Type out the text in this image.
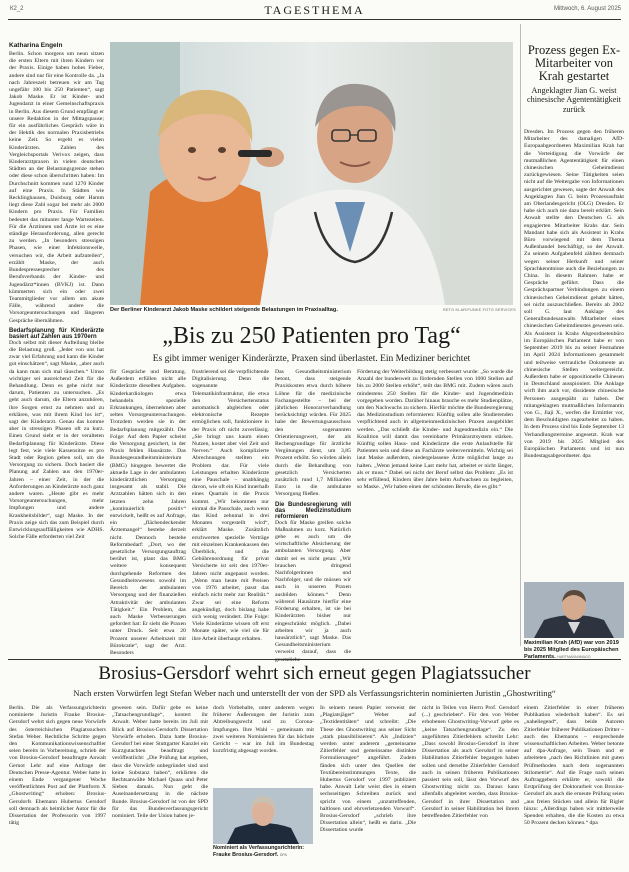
К2_2	TAGESTHEMA	Mittwoch, 6. August 2025
Katharina Engeln
Berlin. Schon morgens um neun sitzen die ersten Eltern mit ihren Kindern vor der Praxis. Einige haben hohes Fieber, andere sind nur für eine Kontrolle da. „Ja nach Jahreszeit betreuen wir am Tag ungefähr 100 bis 250 Patienten“, sagt Jakob Maske. Er ist Kinder- und Jugendarzt in einer Gemeinschaftspraxis in Berlin. Aus diesem Grund empfängt er unsere Redaktion in der Mittagspause; für ein ausführliches Gespräch wäre in der Hektik des normalen Praxisbetriebs keine Zeit. So ergeht es vielen Kinderärzten. Zahlen des Vergleichsportals Verivox zeigen, dass Kinderarztpraxen in vielen deutschen Städten an der Belastungsgrenze stehen oder diese schon überschritten haben: Im Durchschnitt kommen rund 1270 Kinder auf eine Praxis. In Städten wie Recklinghausen, Duisburg oder Hamm liegt diese Zahl sogar bei mehr als 2000 Kindern pro Praxis. Für Familien bedeutet das mitunter lange Wartezeiten. Für die Ärztinnen und Ärzte ist es eine ständige Herausforderung, allen gerecht zu werden. „In besonders stressigen Phasen, wie einer Infektionswelle, versuchen wir, die Arbeit aufzuteilen“, erzählt Maske, der auch Bundespressesprecher des Berufsverbands der Kinder- und Jugendärzt*innen (BVKJ) ist. Dann kümmerten sich ein oder zwei Teammitglieder vor allem um akute Fälle, während andere die Vorsorgeuntersuchungen und längeren Gespräche übernähmen.
Bedarfsplanung für Kinderärzte basiert auf Zahlen aus 1970ern
Doch selbst mit dieser Aufteilung bleibe die Belastung groß. „Jeder von uns hat zwar viel Erfahrung und kann die Kinder gut einschätzen“, sagt Maske, „aber auch da kann man sich mal täuschen.“ Umso wichtiger sei ausreichend Zeit für die Behandlung. Denn es gehe nicht nur darum, Patienten zu untersuchen. „Es geht auch darum, die Eltern anzuhören, ihre Sorgen ernst zu nehmen und zu erklären, was mit ihrem Kind los ist“, sagt der Kinderarzt. Genau das komme aber in stressigen Phasen oft zu kurz. Einen Grund sieht er in der veralteten Bedarfsplanung für Kinderärzte. Diese legt fest, wie viele Kassensitze es pro Stadt oder Region geben soll, um die Versorgung zu sichern. Doch basiert die Planung auf Zahlen aus den 1970er-Jahren – einer Zeit, in der die Anforderungen an Kinderärzte noch ganz andere waren. „Heute gibt es mehr Vorsorgeuntersuchungen, mehr Impfungen und andere Krankheitsbilder“, sagt Maske. In der Praxis zeige sich das zum Beispiel durch Entwicklungsauffälligkeiten wie ADHS. Solche Fälle erforderten viel Zeit
Der Berliner Kinderarzt Jakob Maske schildert steigende Belastungen im Praxisalltag.	RETO KLAR/FUNKE FOTO SERVICES
„Bis zu 250 Patienten pro Tag“
Es gibt immer weniger Kinderärzte, Praxen sind überlastet. Ein Mediziner berichtet
für Gespräche und Beratung. Außerdem erfüllen nicht alle Kinderärzte dieselben Aufgaben. Kinderkardiologen etwa behandeln spezielle Erkrankungen, übernehmen aber selten Vorsorgeuntersuchungen. Trotzdem werden sie in der Bedarfsplanung mitgezählt. Die Folge: Auf dem Papier scheint die Versorgung gesichert, in der Praxis fehlen Hausärzte. Das Bundesgesundheitsministerium (BMG) hingegen bewertet die aktuelle Lage in der ambulanten kinderärztlichen Versorgung insgesamt als stabil. Die Arztzahlen hätten sich in den letzten zehn Jahren „kontinuierlich positiv“ entwickelt, heißt es auf Anfrage, ein „flächendeckender Ärztemangel“ bestehe derzeit nicht. Dennoch bestehe Reformbedarf: „Dort, wo der gesetzliche Versorgungsauftrag berührt ist, plant das BMG weitere konsequent durchgehende Reformen des Gesundheitswesens sowohl im Bereich der ambulanten Versorgung und der finanziellen Attraktivität der ambulanten Tätigkeit.“ Ein Problem, das auch Maske Verbesserungen gefordert hat: Er sieht die Praxen unter Druck. Seit etwa 20 Prozent unserer Arbeitszeit mit Bürokratie“, sagt der Arzt. Besonders
frustrierend sei die verpflichtende Digitalisierung. Denn die sogenannte Telematikinfrastruktur, die etwa den Versichertenstatus automatisch abgleichen oder elektronische Rezepte ermöglichen soll, funktioniere in der Praxis oft nicht zuverlässig. „Sie bringt uns kaum einen Nutzen, kostet aber viel Zeit und Nerven.“ Auch komplizierte Abrechnungen stellten ein Problem dar. Für viele Leistungen erhalten Kinderärzte eine Pauschale – unabhängig davon, wie oft ein Kind innerhalb eines Quartals in die Praxis kommt. „Wir bekommen nur einmal die Pauschale, auch wenn das Kind zehnmal in drei Monaten vorgestellt wird“, erklärt Maske. Zusätzlich erschwerten spezielle Verträge mit einzelnen Krankenkassen den Überblick, und die Gebührenordnung für privat Versicherte ist seit den 1970er-Jahren nicht angepasst worden. „Wenn man heute mit Preisen von 1976 arbeitet, passt das einfach nicht mehr zur Realität.“ Zwar sei eine Reform angekündigt, doch bislang habe sich wenig verändert. Die Folge: Viele Kinderärzte wissen oft erst Monate später, wie viel sie für ihre Arbeit überhaupt erhalten.
Das Gesundheitsministerium betont, dass steigende Praxiskosten etwa durch höhere Löhne für die medizinische Fachangestellte – bei der jährlichen Honorarverhandlung berücksichtigt würden. Für 2025 habe der Bewertungsausschuss den sogenannten Orientierungswert, der als Rechengrundlage für ärztliche Vergütungen dient, um 3,85 Prozent erhöht. So würden allein durch die Behandlung von gesetzlich Versicherten zusätzlich rund 1,7 Milliarden Euro in die ambulante Versorgung fließen.
Die Bundesregierung will das Medizinstudium reformieren
Doch für Maske greifen solche Maßnahmen zu kurz. Natürlich gehe es auch um die wirtschaftliche Absicherung der ambulanten Versorgung. Aber damit sei es nicht getan: „Wir brauchen dringend Nachfolgerinnen und Nachfolger, und die müssen wir auch in unseren Praxen ausbilden können.“ Denn während Hausärzte hierfür eine Förderung erhalten, ist sie bei Kinderärzten bisher nur eingeschränkt möglich. „Dabei arbeiten wir ja auch hausärztlich“, sagt Maske. Das Gesundheitsministerium verweist darauf, dass die gesetzliche
Förderung der Weiterbildung stetig verbessert wurde: „So wurde die Anzahl der bundesweit zu fördernden Stellen von 1000 Stellen auf bis zu 2000 Stellen erhöht“, teilt das BMG mit. Zudem wären auch mindestens 250 Stellen für die Kinder- und Jugendmedizin vorgegeben worden. Darüber hinaus brauche es mehr Studienplätze, um den Nachwuchs zu sichern. Hierfür möchte die Bundesregierung das Medizinstudium reformieren: Künftig sollen alle Studierenden verpflichtend auch in allgemeinmedizinischen Praxen ausgebildet werden. „Das schließt die Kinder- und Jugendmedizin ein.“ Die Koalition will damit das vereinbarte Primärarztsystem stärken. Künftig sollen Haus- und Kinderärzte die erste Anlaufstelle für Patienten sein und diese an Fachärzte weitervermitteln. Wichtig sei laut Maske außerdem, niedergelassene Ärzte möglichst lange zu halten. „Wenn jemand keine Last mehr hat, arbeitet er nicht länger, als er muss.“ Dabei sei nicht der Beruf selbst das Problem: „Es ist sehr erfüllend, Kindern über Jahre beim Aufwachsen zu begleiten, so Maske. „Wir haben einen der schönsten Berufe, die es gibt.“
Prozess gegen Ex-Mitarbeiter von Krah gestartet
Angeklagter Jian G. weist chinesische Agententätigkeit zurück
Dresden. Im Prozess gegen den früheren Mitarbeiter des damaligen AfD-Europaabgeordneten Maximilian Krah hat die Verteidigung die Vorwürfe der mutmaßlichen Agententätigkeit für einen chinesischen Geheimdienst zurückgewiesen. Seine Tätigkeiten seien nicht auf die Weitergabe von Informationen ausgerichtet gewesen, sagte der Anwalt des Angeklagten Jian G. beim Prozessauftakt am Oberlandesgericht (OLG) Dresden. Er habe sich auch nie dazu bereit erklärt. Sein Anwalt stellte den Deutschen G. als engagierten Mitarbeiter Krahs dar. Sein Mandant habe sich als Assistent in Krahs Büro vorwiegend mit dem Thema Außenhandel beschäftigt, so der Anwalt. Zu seinem Aufgabenfeld zählten demnach wegen seiner Herkunft und seiner Sprachkenntnisse auch die Beziehungen zu China. In diesem Rahmen habe er Gespräche geführt. Dass die Gesprächspartner Verbindungen zu einem chinesischen Geheimdienst gehabt hätten, sei nicht auszuschließen. Bereits ab 2002 soll G. laut Anklage des Generalbundesanwalts Mitarbeiter eines chinesischen Geheimdienstes gewesen sein. Als Assistent in Krahs Abgeordnetenbüro im Europäischen Parlament habe er von September 2019 bis zu seiner Festnahme im April 2024 Informationen gesammelt und teilweise vertrauliche Dokumente an chinesische Stellen weitergereicht. Außerdem habe er oppositionelle Chinesen in Deutschland ausspioniert. Die Anklage wirft ihm auch vor, dissidente chinesische Personen ausgespäht zu haben. Der mitangeklagten mutmaßlichen Informantin von G., Jiaji X., werfen die Ermittler vor, dem Beschuldigten zugearbeitet zu haben. In dem Prozess sind bis Ende September 13 Verhandlungstermine angesetzt. Krah war von 2019 bis 2025 Mitglied des Europäischen Parlaments und ist nun Bundestagsabgeordneter. dpa
Maximilian Krah (AfD) war von 2019 bis 2025 Mitglied des Europäischen Parlaments. HARTMANN/IMAGO
Brosius-Gersdorf wehrt sich erneut gegen Plagiatssucher
Nach ersten Vorwürfen legt Stefan Weber nach und unterstellt der von der SPD als Verfassungsrichterin nominierten Juristin „Ghostwriting“
Berlin. Die als Verfassungsrichterin nominierte Juristin Frauke Brosius-Gersdorf wehrt sich gegen neue Vorwürfe des österreichischen Plagiatssuchers Stefan Weber. Rechtliche Schritte gegen den Kommunikationswissenschaftler seien bereits in Vorbereitung, schrieb der von Brosius-Gersdorf beauftragte Anwalt Gernot Lehr auf eine Anfrage der Deutschen Presse-Agentur. Weber hatte in einem Ende vergangener Woche veröffentlichten Post auf der Plattform X „Ghostwriting“ erhoben: Brosius-Gersdorfs Ehemann Hubertus Gersdorf soll demnach als heimlicher Autor für die Dissertation der Professorin von 1997 tätig
gewesen sein. Dafür gebe es keine „Tatsachengrundlage“, kontert ihr Anwalt. Weber hatte bereits im Juli mit Blick auf Brosius-Gersdorfs Dissertation Vorwürfe erhoben. Dazu hatte Brosius-Gersdorf bei einer Stuttgarter Kanzlei ein Kurzgutachten beauftragt und veröffentlicht: „Die Prüfung hat ergeben, dass die Vorwürfe unbegründet sind und keine Substanz haben“, erklärten die Rechtsanwälte Michael Quaas und Peter Sieben damals. Nun geht die Auseinandersetzung in die nächste Runde. Brosius-Gersdorf ist von der SPD für das Bundesverfassungsgericht nominiert. Teile der Union haben je-
doch Vorbehalte, unter anderem wegen früherer Äußerungen der Juristin zum Abtreibungsrecht und zu Corona-Impfungen. Ihre Wahl – gemeinsam mit zwei weiteren Nominierten für das höchste Gericht – war im Juli im Bundestag kurzfristig abgesagt worden.
Nominiert als Verfassungsrichterin: Frauke Brosius-Gersdorf. DPA
In seinem neuen Papier verweist der „Plagiatsjäger“ Weber auf „Textidentitäten“ und schreibt: „Die These des Ghostwriting aus seiner Sicht „stark plausibilisieren“. Als „Indizien“ werden unter anderem „gemeinsame Zitierfehler und gemeinsame distinkte Formulierungen“ angeführt. Zudem fänden sich unter den Quellen der Textübereinstimmungen Texte, die Hubertus Gersdorf vor 1997 publiziert habe. Anwalt Lehr weist dies in einem sechsseitigen Schreiben zurück und spricht von einem „unzutreffenden, haltlosen und ehrverletzenden Vorwurf“. Brosius-Gersdorf „schrieb ihre Dissertation allein“, heißt es darin. „Die Dissertation wurde
nicht in Teilen von Herrn Prof. Gersdorf (...) geschrieben“. Für den von Weber erhobenen Ghostwriting-Vorwurf gebe es „keine Tatsachengrundlage“. Zu den angeführten Zitierfehlern schreibt Lehr: „Dass sowohl Brosius-Gersdorf in ihrer Dissertation als auch Gersdorf in seiner Habilitation Zitierfehler begangen haben sollen und derselbe Zitierfehler Gersdorf auch in seinen früheren Publikationen passiert sein soll, lässt den Vorwurf des Ghostwriting nicht zu. Daraus kann allenfalls abgeleitet werden, dass Brosius-Gersdorf in ihrer Dissertation und Gersdorf in seiner Habilitation bei ihrem betreffenden Zitierfehler von
einem Zitierfehler in einer früheren Publikation wiederholt haben“. Es sei „naheliegend“, dass beide Autoren Zitierfehler früherer Publikationen Dritter – auch des Ehemanns – ensprechende wissenschaftlichen Arbeiten. Weber betonte auf dpa-Anfrage, sein Team und er arbeiteten „nach den Richtlinien mit guten Prüfmethoden nach dem sogenannten Stilometrie“. Auf die Frage nach seinen Auftraggebern erklärte er, sowohl die Erstprüfung der Doktorarbeit von Brosius-Gersdorf als auch die erneute Prüfung seien „aus freien Stücken und allein für Rigler hinzu: „Allerdings haben wir mittlerweile Spenden erhalten, die die Kosten zu etwa 50 Prozent decken können.“ dpa
